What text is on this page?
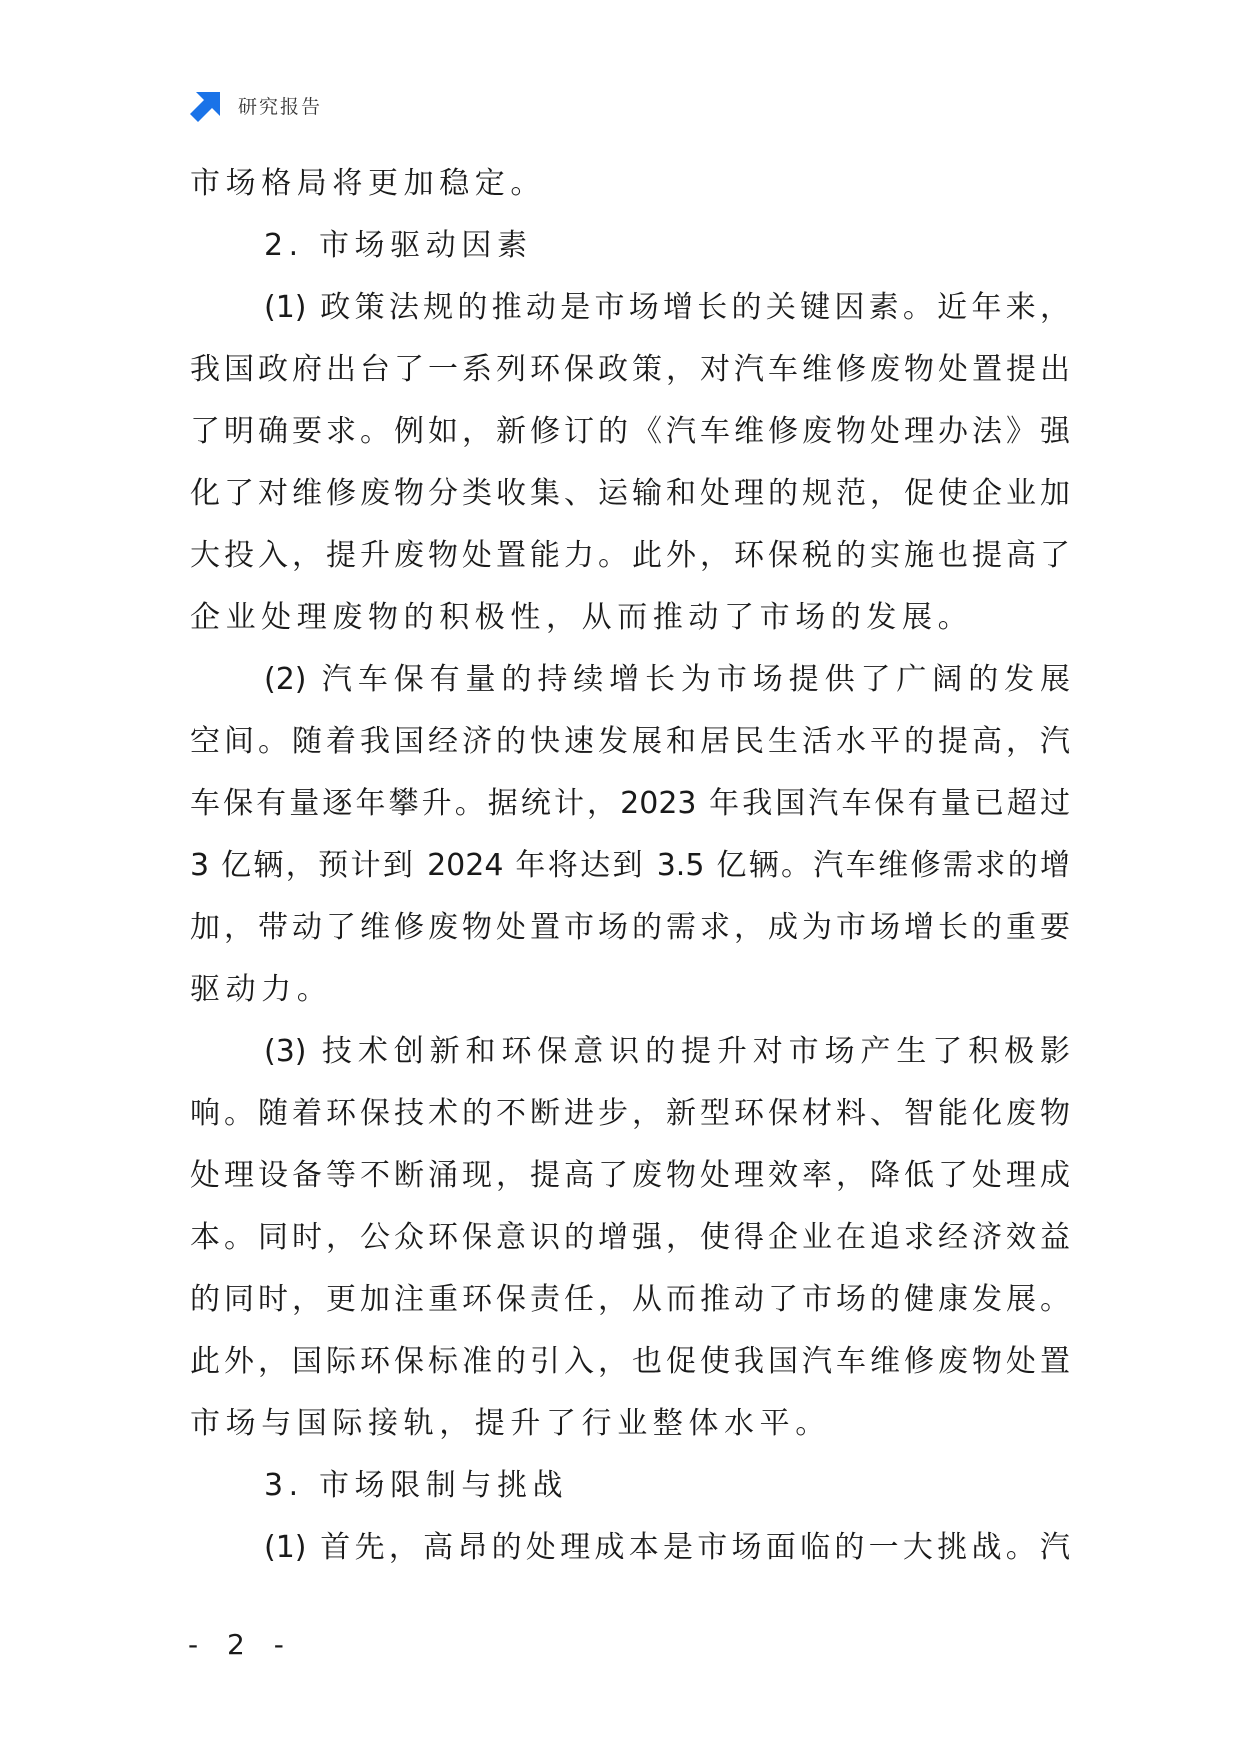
研究报告
市场格局将更加稳定。
2. 市场驱动因素
(1) 政策法规的推动是市场增长的关键因素。近年来，
我国政府出台了一系列环保政策，对汽车维修废物处置提出
了明确要求。例如，新修订的《汽车维修废物处理办法》强
化了对维修废物分类收集、运输和处理的规范，促使企业加
大投入，提升废物处置能力。此外，环保税的实施也提高了
企业处理废物的积极性，从而推动了市场的发展。
(2) 汽车保有量的持续增长为市场提供了广阔的发展
空间。随着我国经济的快速发展和居民生活水平的提高，汽
车保有量逐年攀升。据统计，2023 年我国汽车保有量已超过
3 亿辆，预计到 2024 年将达到 3.5 亿辆。汽车维修需求的增
加，带动了维修废物处置市场的需求，成为市场增长的重要
驱动力。
(3) 技术创新和环保意识的提升对市场产生了积极影
响。随着环保技术的不断进步，新型环保材料、智能化废物
处理设备等不断涌现，提高了废物处理效率，降低了处理成
本。同时，公众环保意识的增强，使得企业在追求经济效益
的同时，更加注重环保责任，从而推动了市场的健康发展。
此外，国际环保标准的引入，也促使我国汽车维修废物处置
市场与国际接轨，提升了行业整体水平。
3. 市场限制与挑战
(1) 首先，高昂的处理成本是市场面临的一大挑战。汽
- 2 -
